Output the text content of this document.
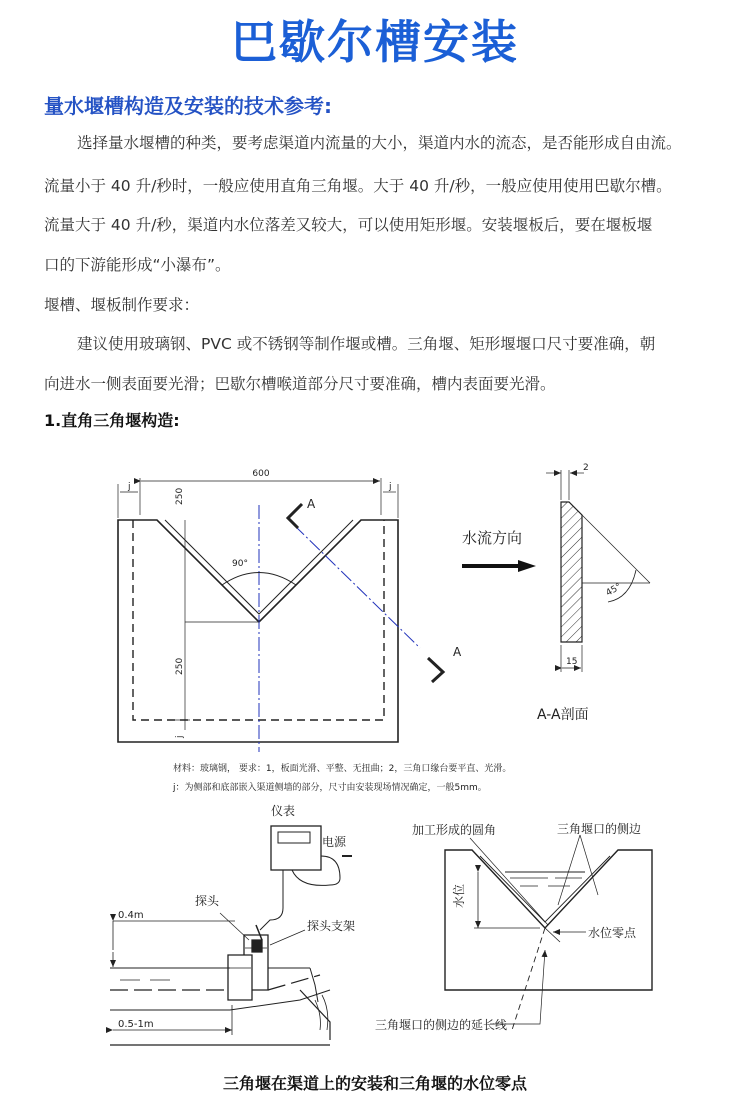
巴歇尔槽安装
量水堰槽构造及安装的技术参考:
选择量水堰槽的种类，要考虑渠道内流量的大小，渠道内水的流态，是否能形成自由流。
流量小于 40 升/秒时，一般应使用直角三角堰。大于 40 升/秒，一般应使用使用巴歇尔槽。
流量大于 40 升/秒，渠道内水位落差又较大，可以使用矩形堰。安装堰板后，要在堰板堰
口的下游能形成“小瀑布”。
堰槽、堰板制作要求：
建议使用玻璃钢、PVC 或不锈钢等制作堰或槽。三角堰、矩形堰堰口尺寸要准确，朝
向进水一侧表面要光滑；巴歇尔槽喉道部分尺寸要准确，槽内表面要光滑。
1.直角三角堰构造:
600
j	j
250
250
j
90°
A
A
水流方向
2
15
45°
A-A剖面
材料：玻璃钢， 要求：1，板面光滑、平整、无扭曲；2，三角口缘台要平直、光滑。
j：为侧部和底部嵌入渠道侧墙的部分，尺寸由安装现场情况确定，一般5mm。
仪表
电源
探头
探头支架
0.4m
0.5-1m
加工形成的圆角	三角堰口的侧边
水位
水位零点
三角堰口的侧边的延长线
三角堰在渠道上的安装和三角堰的水位零点
